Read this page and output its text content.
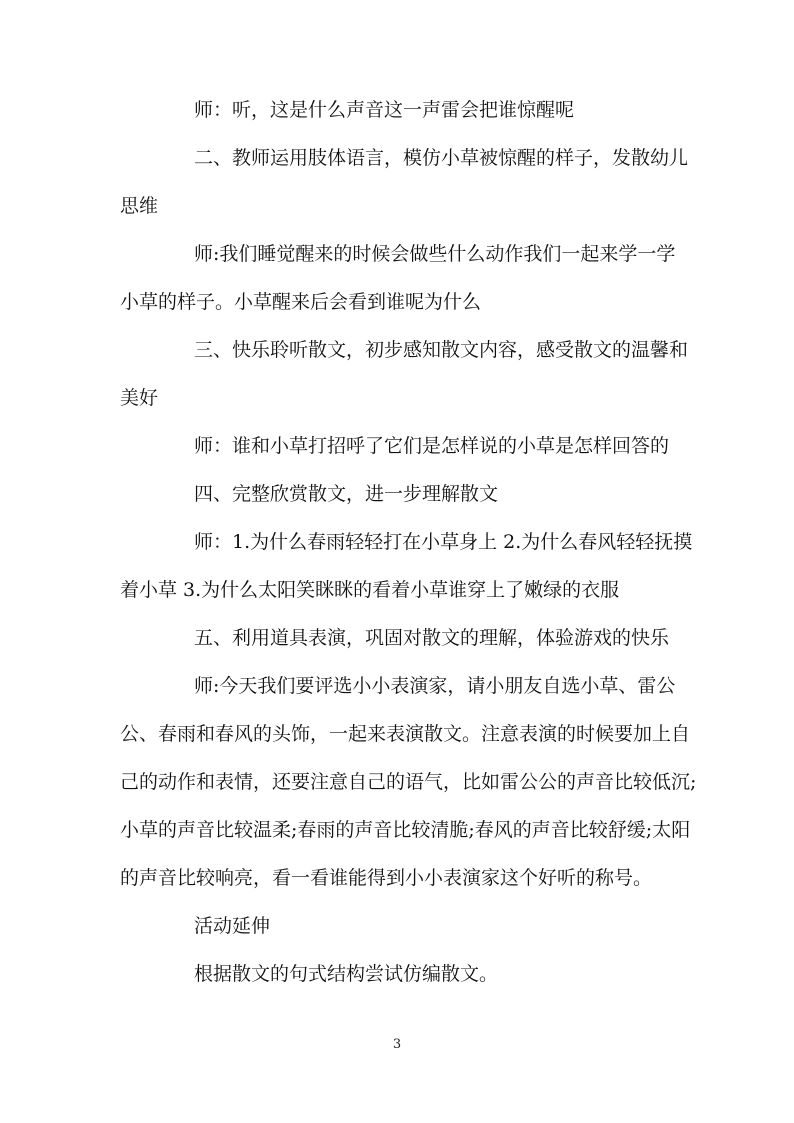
师：听，这是什么声音这一声雷会把谁惊醒呢
二、教师运用肢体语言，模仿小草被惊醒的样子，发散幼儿
思维
师:我们睡觉醒来的时候会做些什么动作我们一起来学一学
小草的样子。小草醒来后会看到谁呢为什么
三、快乐聆听散文，初步感知散文内容，感受散文的温馨和
美好
师：谁和小草打招呼了它们是怎样说的小草是怎样回答的
四、完整欣赏散文，进一步理解散文
师：1.为什么春雨轻轻打在小草身上 2.为什么春风轻轻抚摸
着小草 3.为什么太阳笑眯眯的看着小草谁穿上了嫩绿的衣服
五、利用道具表演，巩固对散文的理解，体验游戏的快乐
师:今天我们要评选小小表演家，请小朋友自选小草、雷公
公、春雨和春风的头饰，一起来表演散文。注意表演的时候要加上自
己的动作和表情，还要注意自己的语气，比如雷公公的声音比较低沉;
小草的声音比较温柔;春雨的声音比较清脆;春风的声音比较舒缓;太阳
的声音比较响亮，看一看谁能得到小小表演家这个好听的称号。
活动延伸
根据散文的句式结构尝试仿编散文。
3
